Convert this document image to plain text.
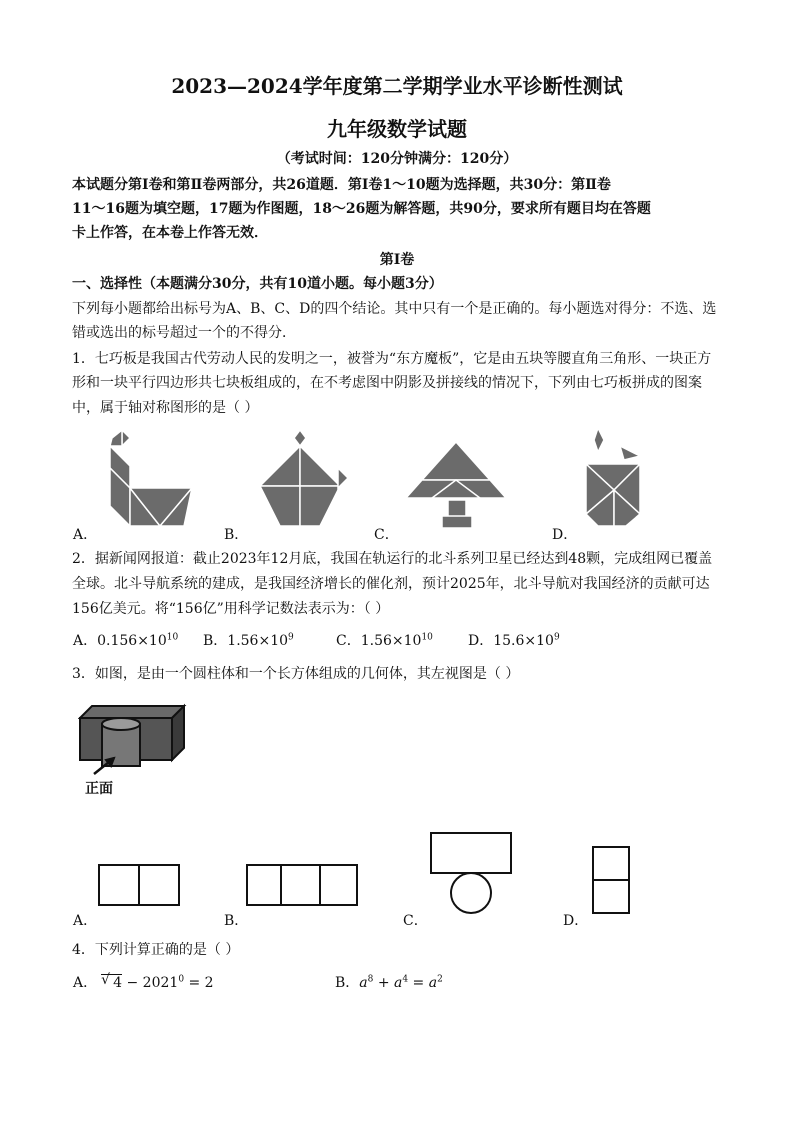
2023—2024学年度第二学期学业水平诊断性测试
九年级数学试题
（考试时间：120分钟满分：120分）
本试题分第Ⅰ卷和第Ⅱ卷两部分，共26道题．第Ⅰ卷1～10题为选择题，共30分：第Ⅱ卷
11～16题为填空题，17题为作图题，18～26题为解答题，共90分，要求所有题目均在答题
卡上作答，在本卷上作答无效．
第Ⅰ卷
一、选择性（本题满分30分，共有10道小题。每小题3分）
下列每小题都给出标号为A、B、C、D的四个结论。其中只有一个是正确的。每小题选对得分：不选、选
错或选出的标号超过一个的不得分．
1．七巧板是我国古代劳动人民的发明之一，被誉为“东方魔板”，它是由五块等腰直角三角形、一块正方
形和一块平行四边形共七块板组成的，在不考虑图中阴影及拼接线的情况下，下列由七巧板拼成的图案
中，属于轴对称图形的是（ ）
A．	B．	C．	D．
2．据新闻网报道：截止2023年12月底，我国在轨运行的北斗系列卫星已经达到48颗，完成组网已覆盖
全球。北斗导航系统的建成，是我国经济增长的催化剂，预计2025年，北斗导航对我国经济的贡献可达
156亿美元。将“156亿”用科学记数法表示为：（ ）
A．$0.156\times 10^{10}$ B．$1.56\times 10^9$	C．$1.56\times 10^{10}$	D．$15.6\times 10^9$
3．如图，是由一个圆柱体和一个长方体组成的几何体，其左视图是（ ）
正面
A．	B．	C．	D．
4．下列计算正确的是（ ）
A． √ $4 - 2021^0 = 2$	B．$a^8 + a^4 = a^2$
